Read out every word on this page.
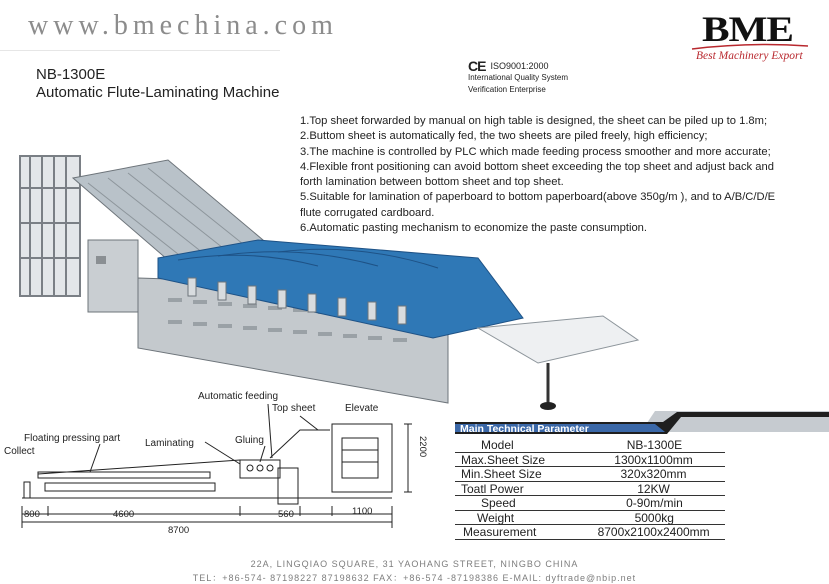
www.bmechina.com	BME
Best Machinery Export
NB-1300E
Automatic Flute-Laminating Machine
CE ISO9001:2000
International Quality System
Verification Enterprise
1.Top sheet forwarded by manual on high table is designed, the sheet can be piled up to 1.8m;
2.Buttom sheet is automatically fed, the two sheets are piled freely, high efficiency;
3.The machine is controlled by PLC which made feeding process smoother and more accurate;
4.Flexible front positioning can avoid bottom sheet exceeding the top sheet and adjust back and
forth lamination between bottom sheet and top sheet.
5.Suitable for lamination of paperboard to bottom paperboard(above 350g/m ), and to A/B/C/D/E
flute corrugated cardboard.
6.Automatic pasting mechanism to economize the paste consumption.
Automatic feeding
Top sheet	Elevate
Floating pressing part Laminating	Gluing
Collect
800	4600	560	1100
8700
2200
Main Technical Parameter
Model	NB-1300E
Max.Sheet Size	1300x1100mm
Min.Sheet Size	320x320mm
Toatl Power	12KW
Speed	0-90m/min
Weight	5000kg
Measurement	8700x2100x2400mm
22A, LINGQIAO SQUARE, 31 YAOHANG STREET, NINGBO CHINA
TEL：+86-574- 87198227 87198632 FAX：+86-574 -87198386 E-MAIL: dyftrade@nbip.net
